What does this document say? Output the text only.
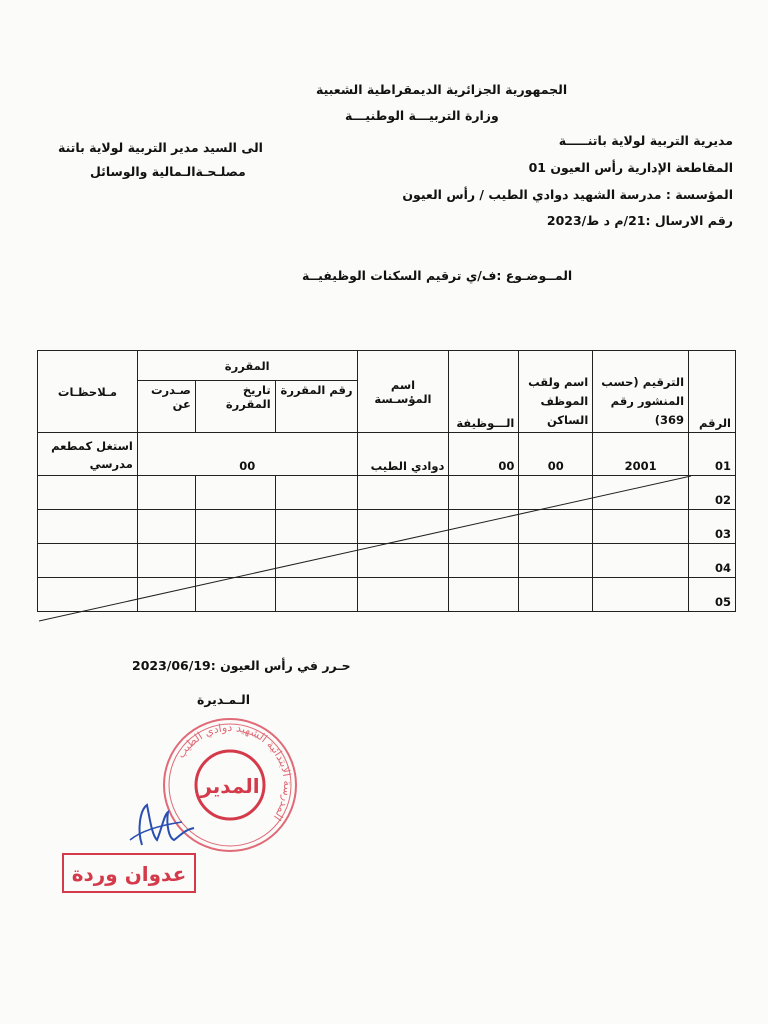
الجمهورية الجزائرية الديمقراطية الشعبية
وزارة التربيـــة الوطنيـــة
مديرية التربية لولاية باتنـــــة
المقاطعة الإدارية رأس العيون 01
المؤسسة : مدرسة الشهيد دوادي الطيب / رأس العيون
رقم الارسال :21/م د ط/2023
الى السيد مدير التربية لولاية باتنة
مصلـحـةالـمالية والوسائل
المــوضـوع :ف/ي ترقيم السكنات الوظيفيــة
الرقم	الترقيم (حسب المنشور رقم 369)	اسم ولقب الموظف الساكن	الـــوظيفة	اسم المؤسـسة	المقررة			مـلاحظـات
					رقم المقررة	تاريخ المقررة	صـدرت عن	
01	2001	00	00	دوادي الطيب	00			استغل كمطعم مدرسي
02								
03								
04								
05								
حـرر في رأس العيون :2023/06/19
الـمـديرة
المدرسة الابتدائية الشهيد دوادي الطيب
المدير
عدوان وردة
